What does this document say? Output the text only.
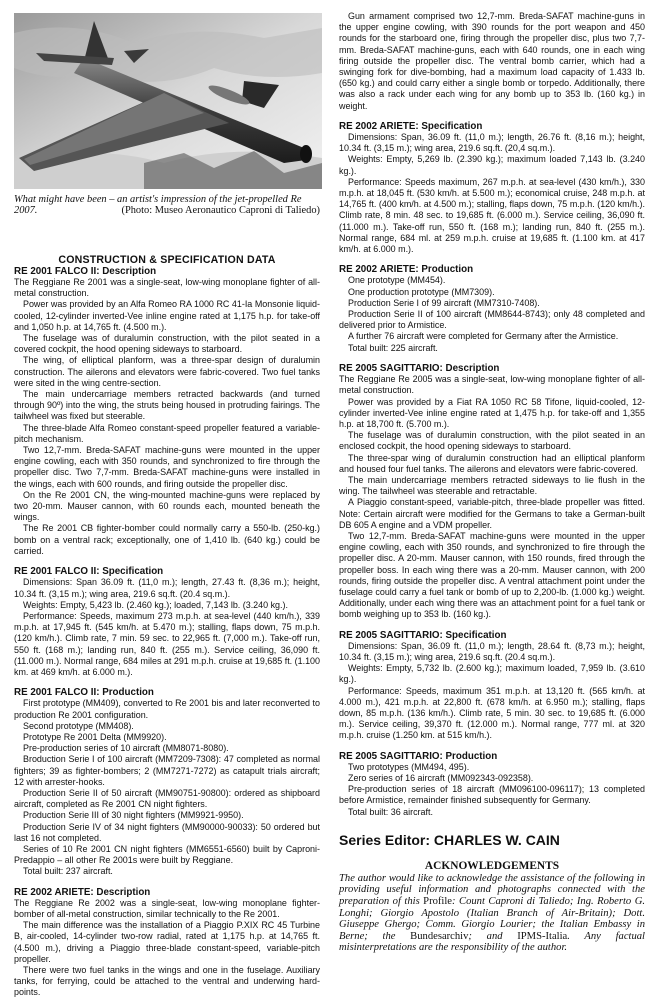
What might have been – an artist's impression of the jet-propelled Re 2007.	(Photo: Museo Aeronautico Caproni di Taliedo)
CONSTRUCTION & SPECIFICATION DATA
RE 2001 FALCO II: Description

The Reggiane Re 2001 was a single-seat, low-wing monoplane fighter of all-metal construction.

Power was provided by an Alfa Romeo RA 1000 RC 41-Ia Monsonie liquid-cooled, 12-cylinder inverted-Vee inline engine rated at 1,175 h.p. for take-off and 1,050 h.p. at 14,765 ft. (4.500 m.).

The fuselage was of duralumin construction, with the pilot seated in a covered cockpit, the hood opening sideways to starboard.

The wing, of elliptical planform, was a three-spar design of duralumin construction. The ailerons and elevators were fabric-covered. Two fuel tanks were sited in the wing centre-section.

The main undercarriage members retracted backwards (and turned through 90º) into the wing, the struts being housed in protruding fairings. The tailwheel was fixed but steerable.

The three-blade Alfa Romeo constant-speed propeller featured a variable-pitch mechanism.

Two 12,7-mm. Breda-SAFAT machine-guns were mounted in the upper engine cowling, each with 350 rounds, and synchronized to fire through the propeller disc. Two 7,7-mm. Breda-SAFAT machine-guns were installed in the wings, each with 600 rounds, and firing outside the propeller disc.

On the Re 2001 CN, the wing-mounted machine-guns were replaced by two 20-mm. Mauser cannon, with 60 rounds each, mounted beneath the wings.

The Re 2001 CB fighter-bomber could normally carry a 550-lb. (250-kg.) bomb on a ventral rack; exceptionally, one of 1,410 lb. (640 kg.) could be carried.

RE 2001 FALCO II: Specification

Dimensions: Span 36.09 ft. (11,0 m.); length, 27.43 ft. (8,36 m.); height, 10.34 ft. (3,15 m.); wing area, 219.6 sq.ft. (20.4 sq.m.).

Weights: Empty, 5,423 lb. (2.460 kg.); loaded, 7,143 lb. (3.240 kg.).

Performance: Speeds, maximum 273 m.p.h. at sea-level (440 km/h.), 339 m.p.h. at 17,945 ft. (545 km/h. at 5.470 m.); stalling, flaps down, 75 m.p.h. (120 km/h.). Climb rate, 7 min. 59 sec. to 22,965 ft. (7,000 m.). Take-off run, 550 ft. (168 m.); landing run, 840 ft. (255 m.). Service ceiling, 36,090 ft. (11.000 m.). Normal range, 684 miles at 291 m.p.h. cruise at 19,685 ft. (1.100 km. at 469 km/h. at 6.000 m.).

RE 2001 FALCO II: Production

First prototype (MM409), converted to Re 2001 bis and later reconverted to production Re 2001 configuration.

Second prototype (MM408).

Prototype Re 2001 Delta (MM9920).

Pre-production series of 10 aircraft (MM8071-8080).

Broduction Serie I of 100 aircraft (MM7209-7308): 47 completed as normal fighters; 39 as fighter-bombers; 2 (MM7271-7272) as catapult trials aircraft; 12 with arrester-hooks.

Production Serie II of 50 aircraft (MM90751-90800): ordered as shipboard aircraft, completed as Re 2001 CN night fighters.

Production Serie III of 30 night fighters (MM9921-9950).

Production Serie IV of 34 night fighters (MM90000-90033): 50 ordered but last 16 not completed.

Series of 10 Re 2001 CN night fighters (MM6551-6560) built by Caproni-Predappio – all other Re 2001s were built by Reggiane.

Total built: 237 aircraft.

RE 2002 ARIETE: Description

The Reggiane Re 2002 was a single-seat, low-wing monoplane fighter-bomber of all-metal construction, similar technically to the Re 2001.

The main difference was the installation of a Piaggio P.XIX RC 45 Turbine B, air-cooled, 14-cylinder two-row radial, rated at 1,175 h.p. at 14,765 ft. (4.500 m.), driving a Piaggio three-blade constant-speed, variable-pitch propeller.

There were two fuel tanks in the wings and one in the fuselage. Auxiliary tanks, for ferrying, could be attached to the ventral and underwing hard-points.

Gun armament comprised two 12,7-mm. Breda-SAFAT machine-guns in the upper engine cowling, with 390 rounds for the port weapon and 450 rounds for the starboard one, firing through the propeller disc, plus two 7,7-mm. Breda-SAFAT machine-guns, each with 640 rounds, one in each wing firing outside the propeller disc. The ventral bomb carrier, which had a swinging fork for dive-bombing, had a maximum load capacity of 1.433 lb. (650 kg.) and could carry either a single bomb or torpedo. Additionally, there was also a rack under each wing for any bomb up to 353 lb. (160 kg.) in weight.

RE 2002 ARIETE: Specification

Dimensions: Span, 36.09 ft. (11,0 m.); length, 26.76 ft. (8,16 m.); height, 10.34 ft. (3,15 m.); wing area, 219.6 sq.ft. (20,4 sq.m.).

Weights: Empty, 5,269 lb. (2.390 kg.); maximum loaded 7,143 lb. (3.240 kg.).

Performance: Speeds maximum, 267 m.p.h. at sea-level (430 km/h.), 330 m.p.h. at 18,045 ft. (530 km/h. at 5.500 m.); economical cruise, 248 m.p.h. at 14,765 ft. (400 km/h. at 4.500 m.); stalling, flaps down, 75 m.p.h. (120 km/h.). Climb rate, 8 min. 48 sec. to 19,685 ft. (6.000 m.). Service ceiling, 36,090 ft. (11.000 m.). Take-off run, 550 ft. (168 m.); landing run, 840 ft. (255 m.). Normal range, 684 ml. at 259 m.p.h. cruise at 19,685 ft. (1.100 km. at 417 km/h. at 6.000 m.).

RE 2002 ARIETE: Production

One prototype (MM454).

One production prototype (MM7309).

Production Serie I of 99 aircraft (MM7310-7408).

Production Serie II of 100 aircraft (MM8644-8743); only 48 completed and delivered prior to Armistice.

A further 76 aircraft were completed for Germany after the Armistice.

Total built: 225 aircraft.

RE 2005 SAGITTARIO: Description

The Reggiane Re 2005 was a single-seat, low-wing monoplane fighter of all-metal construction.

Power was provided by a Fiat RA 1050 RC 58 Tifone, liquid-cooled, 12-cylinder inverted-Vee inline engine rated at 1,475 h.p. for take-off and 1,355 h.p. at 18,700 ft. (5.700 m.).

The fuselage was of duralumin construction, with the pilot seated in an enclosed cockpit, the hood opening sideways to starboard.

The three-spar wing of duralumin construction had an elliptical planform and housed four fuel tanks. The ailerons and elevators were fabric-covered.

The main undercarriage members retracted sideways to lie flush in the wing. The tailwheel was steerable and retractable.

A Piaggio constant-speed, variable-pitch, three-blade propeller was fitted. Note: Certain aircraft were modified for the Germans to take a German-built DB 605 A engine and a VDM propeller.

Two 12,7-mm. Breda-SAFAT machine-guns were mounted in the upper engine cowling, each with 350 rounds, and synchronized to fire through the propeller disc. A 20-mm. Mauser cannon, with 150 rounds, fired through the propeller boss. In each wing there was a 20-mm. Mauser cannon, with 200 rounds, firing outside the propeller disc. A ventral attachment point under the fuselage could carry a fuel tank or bomb of up to 2,200-lb. (1.000 kg.) weight. Additionally, under each wing there was an attachment point for a fuel tank or bomb weighing up to 353 lb. (160 kg.).

RE 2005 SAGITTARIO: Specification

Dimensions: Span, 36.09 ft. (11,0 m.); length, 28.64 ft. (8,73 m.); height, 10.34 ft. (3,15 m.); wing area, 219.6 sq.ft. (20.4 sq.m.).

Weights: Empty, 5,732 lb. (2.600 kg.); maximum loaded, 7,959 lb. (3.610 kg.).

Performance: Speeds, maximum 351 m.p.h. at 13,120 ft. (565 km/h. at 4.000 m.), 421 m.p.h. at 22,800 ft. (678 km/h. at 6.950 m.); stalling, flaps down, 85 m.p.h. (136 km/h.). Climb rate, 5 min. 30 sec. to 19,685 ft. (6.000 m.). Service ceiling, 39,370 ft. (12.000 m.). Normal range, 777 ml. at 320 m.p.h. cruise (1.250 km. at 515 km/h.).

RE 2005 SAGITTARIO: Production

Two prototypes (MM494, 495).

Zero series of 16 aircraft (MM092343-092358).

Pre-production series of 18 aircraft (MM096100-096117); 13 completed before Armistice, remainder finished subsequently for Germany.

Total built: 36 aircraft.

Series Editor: CHARLES W. CAIN
ACKNOWLEDGEMENTS

The author would like to acknowledge the assistance of the following in providing useful information and photographs connected with the preparation of this Profile: Count Caproni di Taliedo; Ing. Roberto G. Longhi; Giorgio Apostolo (Italian Branch of Air-Britain); Dott. Giuseppe Ghergo; Comm. Giorgio Lourier; the Italian Embassy in Berne; the Bundesarchiv; and IPMS-Italia. Any factual misinterpretations are the responsibility of the author.
